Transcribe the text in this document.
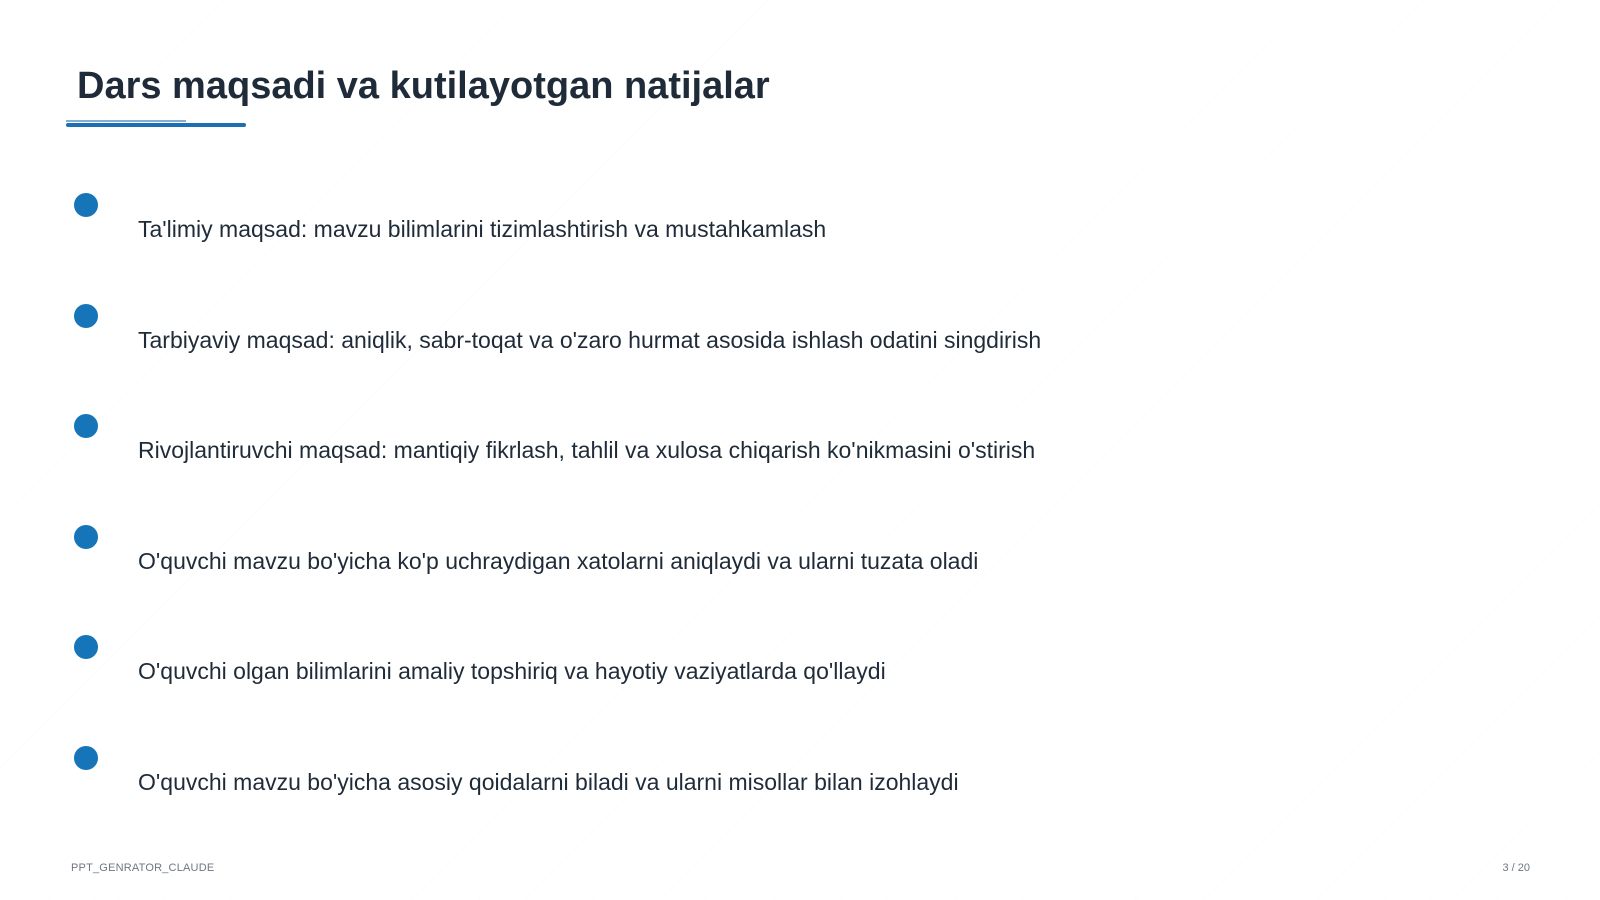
Dars maqsadi va kutilayotgan natijalar
Ta'limiy maqsad: mavzu bilimlarini tizimlashtirish va mustahkamlash
Tarbiyaviy maqsad: aniqlik, sabr-toqat va o'zaro hurmat asosida ishlash odatini singdirish
Rivojlantiruvchi maqsad: mantiqiy fikrlash, tahlil va xulosa chiqarish ko'nikmasini o'stirish
O'quvchi mavzu bo'yicha ko'p uchraydigan xatolarni aniqlaydi va ularni tuzata oladi
O'quvchi olgan bilimlarini amaliy topshiriq va hayotiy vaziyatlarda qo'llaydi
O'quvchi mavzu bo'yicha asosiy qoidalarni biladi va ularni misollar bilan izohlaydi
PPT_GENRATOR_CLAUDE	3 / 20
